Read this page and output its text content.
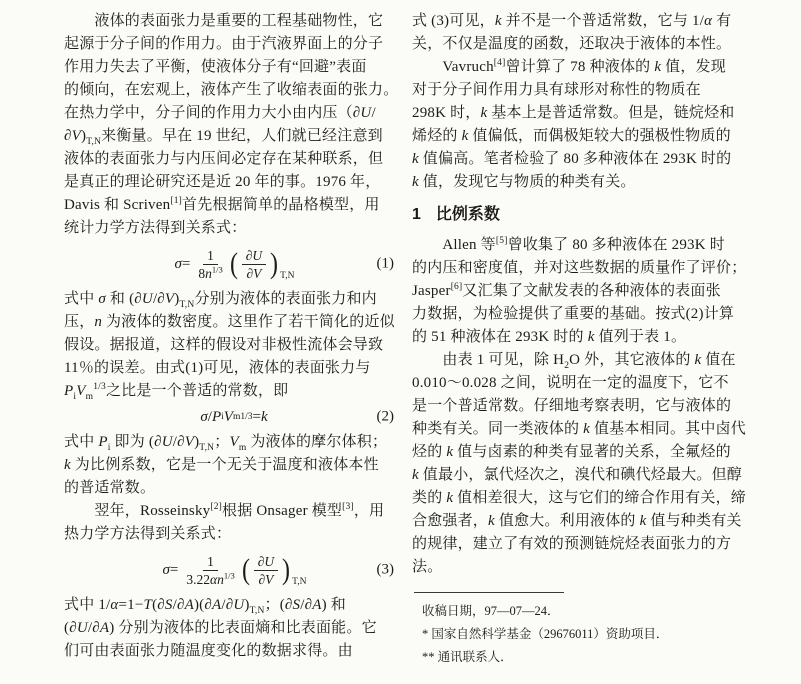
　　液体的表面张力是重要的工程基础物性，它
起源于分子间的作用力。由于汽液界面上的分子
作用力失去了平衡，使液体分子有“回避”表面
的倾向，在宏观上，液体产生了收缩表面的张力。
在热力学中，分子间的作用力大小由内压（∂U/
$\partial V)_{T,N}$来衡量。早在 19 世纪，人们就已经注意到
液体的表面张力与内压间必定存在某种联系，但
是真正的理论研究还是近 20 年的事。1976 年，
Davis 和 Scriven[1]首先根据简单的晶格模型，用
统计力学方法得到关系式：
$\sigma= \frac{1}{8n^{1/3}}$ ( $\frac{\partial U}{\partial V}$ ) T,N
(1)
式中 σ 和 $(\partial U/\partial V)_{T,N}$分别为液体的表面张力和内
压，n 为液体的数密度。这里作了若干简化的近似
假设。据报道，这样的假设对非极性流体会导致
11％的误差。由式(1)可见，液体的表面张力与
$P_iV_m^{1/3}$之比是一个普适的常数，即
σ / P i V m 1/3 = k	(2)
式中 $P_i$ 即为 $(\partial U/\partial V)_{T,N}$；$V_m$ 为液体的摩尔体积；
k 为比例系数，它是一个无关于温度和液体本性
的普适常数。
　　翌年，Rosseinsky[2]根据 Onsager 模型[3]，用
热力学方法得到关系式：
$\sigma= \frac{1}{3.22\alpha n^{1/3}}$ ( $\frac{\partial U}{\partial V}$ ) T,N
(3)
式中 $1/\alpha=1-T(\partial S/\partial A)(\partial A/\partial U)_{T,N}$；(∂S/∂A) 和
(∂U/∂A) 分别为液体的比表面熵和比表面能。它
们可由表面张力随温度变化的数据求得。由
式 (3)可见，k 并不是一个普适常数，它与 1/α 有
关，不仅是温度的函数，还取决于液体的本性。
　　Vavruch[4]曾计算了 78 种液体的 k 值，发现
对于分子间作用力具有球形对称性的物质在
298K 时，k 基本上是普适常数。但是，链烷烃和
烯烃的 k 值偏低，而偶极矩较大的强极性物质的
k 值偏高。笔者检验了 80 多种液体在 293K 时的
k 值，发现它与物质的种类有关。
1 比例系数
　　Allen 等[5]曾收集了 80 多种液体在 293K 时
的内压和密度值，并对这些数据的质量作了评价；
Jasper[6]又汇集了文献发表的各种液体的表面张
力数据，为检验提供了重要的基础。按式(2)计算
的 51 种液体在 293K 时的 k 值列于表 1。
　　由表 1 可见，除 $H_2O$ 外，其它液体的 k 值在
0.010～0.028 之间，说明在一定的温度下，它不
是一个普适常数。仔细地考察表明，它与液体的
种类有关。同一类液体的 k 值基本相同。其中卤代
烃的 k 值与卤素的种类有显著的关系，全氟烃的
k 值最小，氯代烃次之，溴代和碘代烃最大。但醇
类的 k 值相差很大，这与它们的缔合作用有关，缔
合愈强者，k 值愈大。利用液体的 k 值与种类有关
的规律，建立了有效的预测链烷烃表面张力的方
法。
收稿日期，97—07—24．
* 国家自然科学基金（29676011）资助项目．
** 通讯联系人．
